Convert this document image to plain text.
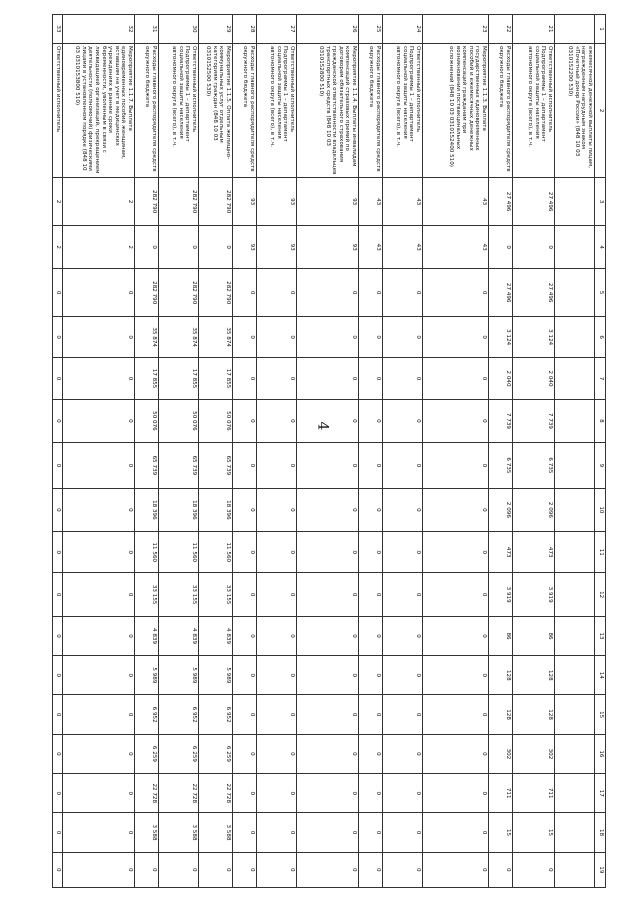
4
1	2	3	4	5	6	7	8	9	10	11	12	13	14	15	16	17	18	19
	ежемесячной денежной выплаты лицам, награжденным нагрудным знаком «Почетный донор России» (848 10 03 0310152200 530)																	
21	Ответственный исполнитель Подпрограммы 1 – департамент социальной защиты населения автономного округа (всего), в т.ч.	27 496	0	27 496	3 124	2 040	7 739	6 735	2 096	473	3 919	86	128	128	302	711	15	0
22	Расходы главного распорядителя средств окружного бюджета	27 496	0	27 496	3 124	2 040	7 739	6 735	2 096	473	3 919	86	128	128	302	711	15	0
23	Мероприятие 1.1.3. Выплата государственных единовременных пособий и ежемесячных денежных компенсаций гражданам при возникновении поствакцинальных осложнений (848 10 03 0310152400 510)	43	43	0	0	0	0	0	0	0	0	0	0	0	0	0	0	0
24	Ответственный исполнитель Подпрограммы 1 – департамент социальной защиты населения автономного округа (всего), в т.ч.	43	43	0	0	0	0	0	0	0	0	0	0	0	0	0	0	0
25	Расходы главного распорядителя средств окружного бюджета	43	43	0	0	0	0	0	0	0	0	0	0	0	0	0	0	0
26	Мероприятие 1.1.4. Выплаты инвалидам компенсаций страховых премий по договорам обязательного страхования гражданской ответственности владельцев транспортных средств (848 10 03 0310152800 510)	93	93	0	0	0	0	0	0	0	0	0	0	0	0	0	0	0
27	Ответственный исполнитель Подпрограммы 1 – департамент социальной защиты населения автономного округа (всего), в т.ч.	93	93	0	0	0	0	0	0	0	0	0	0	0	0	0	0	0
28	Расходы главного распорядителя средств окружного бюджета	93	93	0	0	0	0	0	0	0	0	0	0	0	0	0	0	0
29	Мероприятие 1.1.5. Оплата жилищно-коммунальных услуг отдельным категориям граждан (848 10 03 0310152500 530)	282 790	0	282 790	35 874	17 855	50 076	65 739	18 396	11 560	33 155	4 839	5 989	6 952	6 259	22 728	3 588	0
30	Ответственный исполнитель Подпрограммы 1 – департамент социальной защиты населения автономного округа (всего), в т.ч.	282 790	0	282 790	35 874	17 855	50 076	65 739	18 396	11 560	33 155	4 839	5 989	6 952	6 259	22 728	3 588	0
31	Расходы главного распорядителя средств окружного бюджета	282 790	0	282 790	35 874	17 855	50 076	65 739	18 396	11 560	33 155	4 839	5 989	6 952	6 259	22 728	3 588	0
32	Мероприятие 1.1.7. Выплата единовременных пособий женщинам, вставшим на учет в медицинских учреждениях в ранние сроки беременности, уволенным в связи с ликвидацией организаций, прекращением деятельности (полномочий) физическими лицами в установленном порядке (848 10 03 0310153800 510)	2	2	0	0	0	0	0	0	0	0	0	0	0	0	0	0	0
33	Ответственный исполнитель	2	2	0	0	0	0	0	0	0	0	0	0	0	0	0	0	0
